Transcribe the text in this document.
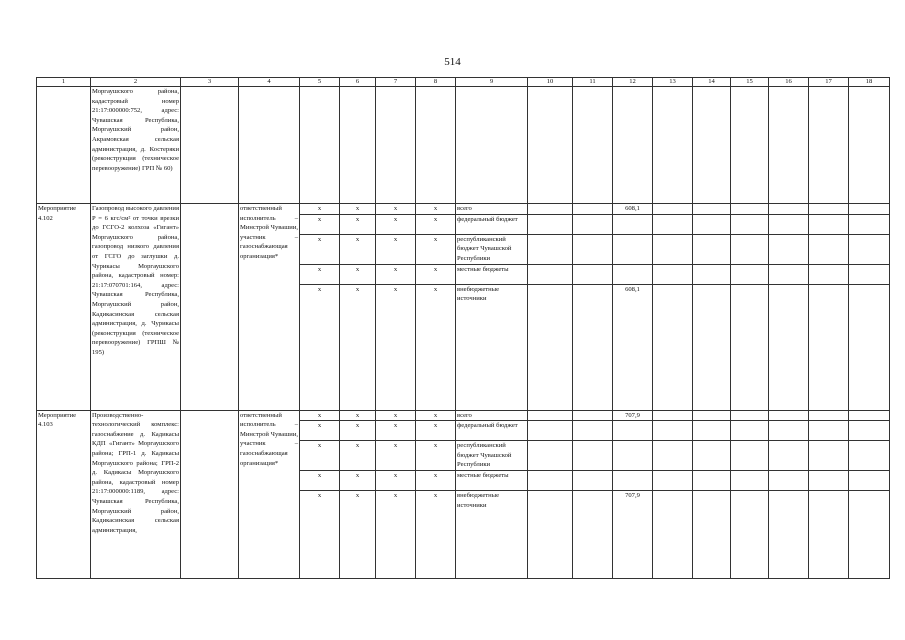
514
1	2	3	4	5	6	7	8	9	10	11	12	13	14	15	16	17	18
	Моргаушского района, кадастровый номер 21:17:000000:752, адрес: Чувашская Республика, Моргаушский район, Акрамовская сельская администрация, д. Костеряки (реконструкция (техническое перевооружение) ГРП № 60)																
Мероприятие 4.102	Газопровод высокого давления Р = 6 кгс/см² от точки врезки до ГСГО-2 колхоза «Гигант» Моргаушского района, газопровод низкого давления от ГСГО до заглушки д. Чурикасы Моргаушского района, кадастровый номер: 21:17:070701:164, адрес: Чувашская Республика, Моргаушский район, Кадикасинская сельская администрация, д. Чурикасы (реконструкция (техническое перевооружение) ГРПШ № 195)		ответственный исполнитель – Минстрой Чувашии, участник – газоснабжающая организация*	х	х	х	х	всего			608,1						
				х	х	х	х	федеральный бюджет									
				х	х	х	х	республиканский бюджет Чувашской Республики									
				х	х	х	х	местные бюджеты									
				х	х	х	х	внебюджетные источники			608,1						
Мероприятие 4.103	Производственно-технологический комплекс: газоснабжение д. Кадикасы КДП «Гигант» Моргаушского района; ГРП-1 д. Кадикасы Моргаушского района; ГРП-2 д. Кадикасы Моргаушского района, кадастровый номер 21:17:000000:1189, адрес: Чувашская Республика, Моргаушский район, Кадикасинская сельская администрация,		ответственный исполнитель – Минстрой Чувашии, участник – газоснабжающая организация*	х	х	х	х	всего			707,9						
				х	х	х	х	федеральный бюджет									
				х	х	х	х	республиканский бюджет Чувашской Республики									
				х	х	х	х	местные бюджеты									
				х	х	х	х	внебюджетные источники			707,9						
